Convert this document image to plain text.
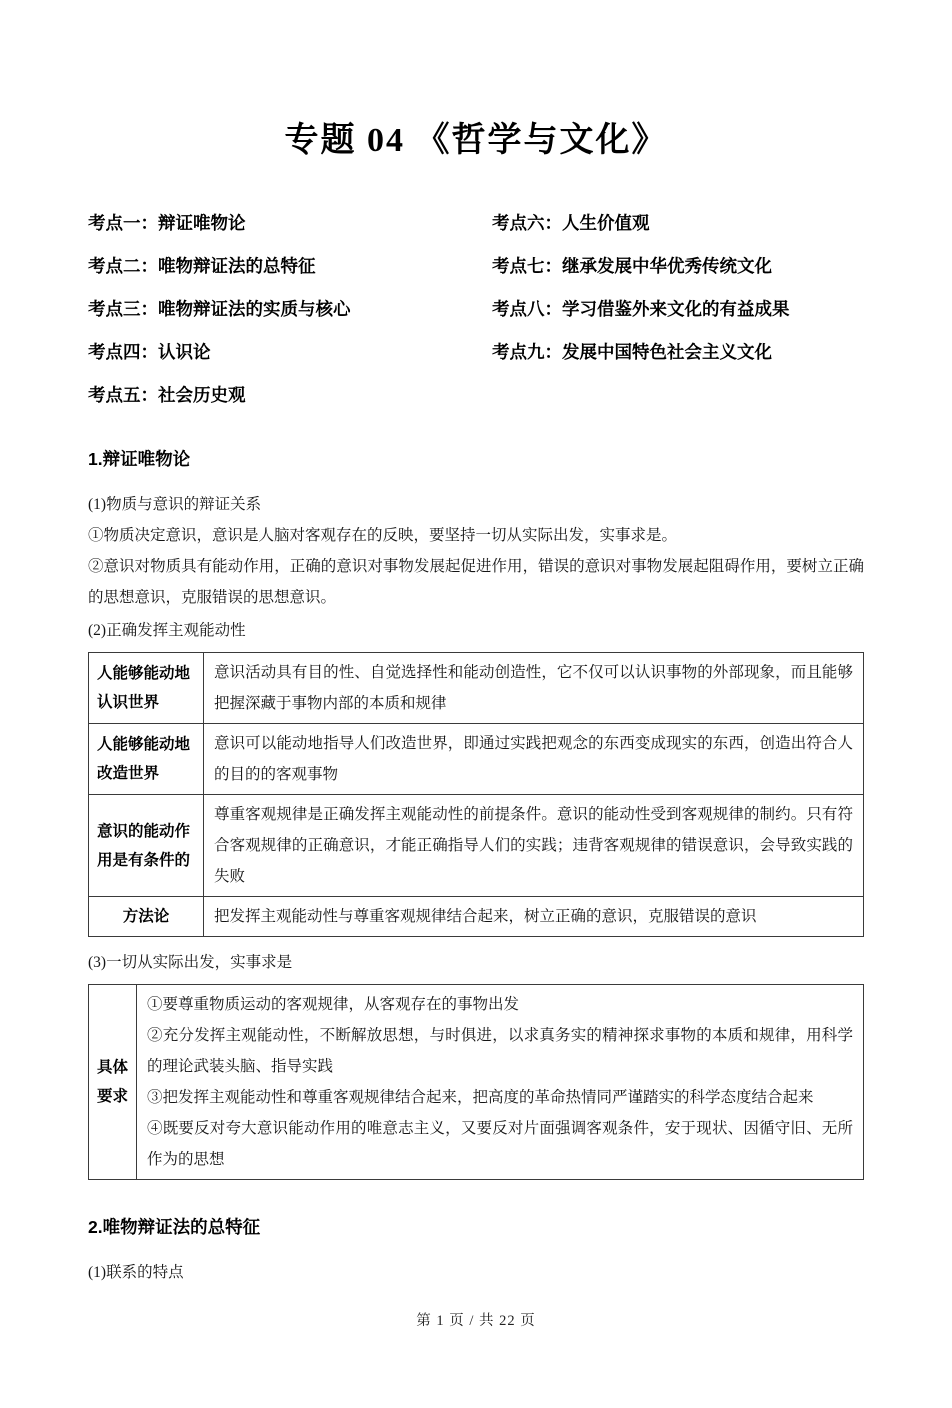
专题 04 《哲学与文化》
考点一：辩证唯物论
考点二：唯物辩证法的总特征
考点三：唯物辩证法的实质与核心
考点四：认识论
考点五：社会历史观
考点六：人生价值观
考点七：继承发展中华优秀传统文化
考点八：学习借鉴外来文化的有益成果
考点九：发展中国特色社会主义文化
1.辩证唯物论

(1)物质与意识的辩证关系

①物质决定意识，意识是人脑对客观存在的反映，要坚持一切从实际出发，实事求是。

②意识对物质具有能动作用，正确的意识对事物发展起促进作用，错误的意识对事物发展起阻碍作用，要树立正确的思想意识，克服错误的思想意识。

(2)正确发挥主观能动性

人能够能动地认识世界	意识活动具有目的性、自觉选择性和能动创造性，它不仅可以认识事物的外部现象，而且能够把握深藏于事物内部的本质和规律
人能够能动地改造世界	意识可以能动地指导人们改造世界，即通过实践把观念的东西变成现实的东西，创造出符合人的目的的客观事物
意识的能动作用是有条件的	尊重客观规律是正确发挥主观能动性的前提条件。意识的能动性受到客观规律的制约。只有符合客观规律的正确意识，才能正确指导人们的实践；违背客观规律的错误意识，会导致实践的失败
方法论	把发挥主观能动性与尊重客观规律结合起来，树立正确的意识，克服错误的意识

(3)一切从实际出发，实事求是

具体要求	

①要尊重物质运动的客观规律，从客观存在的事物出发

②充分发挥主观能动性，不断解放思想，与时俱进，以求真务实的精神探求事物的本质和规律，用科学的理论武装头脑、指导实践

③把发挥主观能动性和尊重客观规律结合起来，把高度的革命热情同严谨踏实的科学态度结合起来

④既要反对夸大意识能动作用的唯意志主义，又要反对片面强调客观条件，安于现状、因循守旧、无所作为的思想

2.唯物辩证法的总特征

(1)联系的特点

第 1 页 / 共 22 页
